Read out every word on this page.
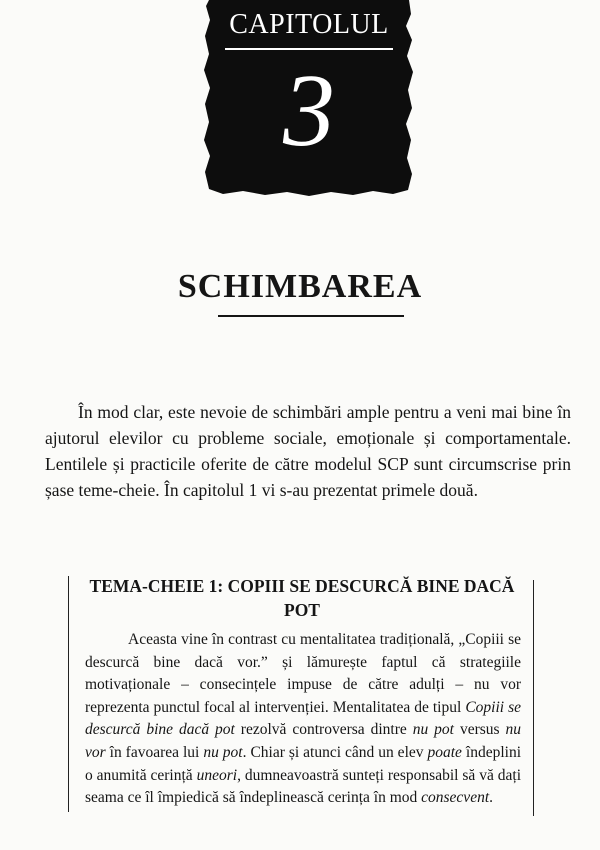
CAPITOLUL
3
SCHIMBAREA

În mod clar, este nevoie de schimbări ample pentru a veni mai bine în ajutorul elevilor cu probleme sociale, emoționale și comportamentale. Lentilele și practicile oferite de către modelul SCP sunt circumscrise prin șase teme-cheie. În capitolul 1 vi s-au prezentat primele două.

TEMA-CHEIE 1: COPIII SE DESCURCĂ BINE DACĂ POT

Aceasta vine în contrast cu mentalitatea tradițională, „Copiii se descurcă bine dacă vor.” și lămurește faptul că strategiile motivaționale – consecințele impuse de către adulți – nu vor reprezenta punctul focal al intervenției. Mentalitatea de tipul Copiii se descurcă bine dacă pot rezolvă controversa dintre nu pot versus nu vor în favoarea lui nu pot. Chiar și atunci când un elev poate îndeplini o anumită cerință uneori, dumneavoastră sunteți responsabil să vă dați seama ce îl împiedică să îndeplinească cerința în mod consecvent.
